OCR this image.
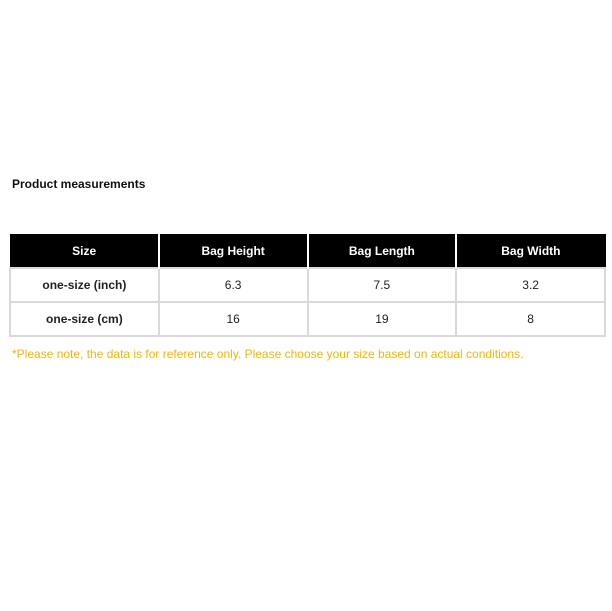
Product measurements
Size	Bag Height	Bag Length	Bag Width
one-size (inch)	6.3	7.5	3.2
one-size (cm)	16	19	8
*Please note, the data is for reference only. Please choose your size based on actual conditions.
